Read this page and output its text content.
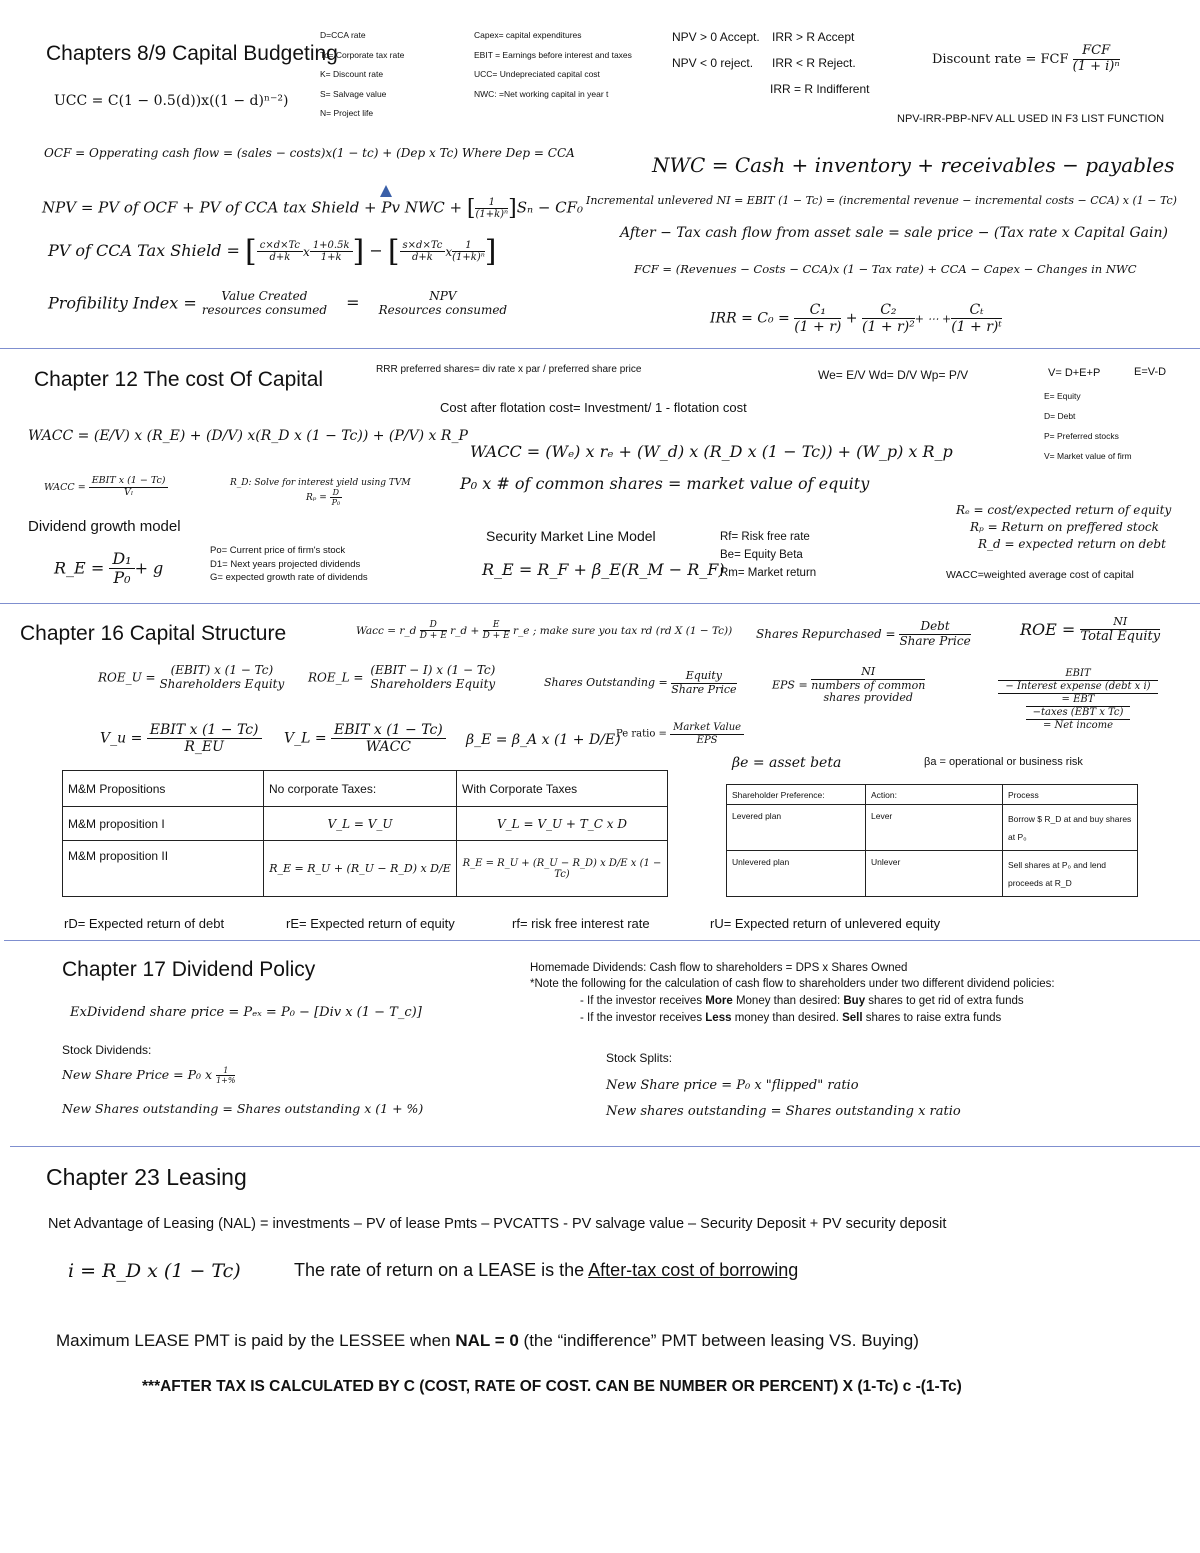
Chapters 8/9 Capital Budgeting
D=CCA rate
Tc= Corporate tax rate
K= Discount rate
S= Salvage value
N= Project life
Capex= capital expenditures
EBIT = Earnings before interest and taxes
UCC= Undepreciated capital cost
NWC: =Net working capital in year t
NPV > 0 Accept.
NPV < 0 reject.
IRR > R Accept
IRR < R Reject.
IRR = R Indifferent
Discount rate = FCF $\frac{\text{FCF}}{\text{(1 + i)ⁿ}}$
NPV-IRR-PBP-NFV ALL USED IN F3 LIST FUNCTION
UCC = C(1 − 0.5(d))x((1 − d)ⁿ⁻²)
OCF = Opperating cash flow = (sales − costs)x(1 − tc) + (Dep x Tc) Where Dep = CCA	NWC = Cash + inventory + receivables − payables
NPV = PV of OCF + PV of CCA tax Shield + Pv NWC + [ $\frac{1}{\text{(1+k)ⁿ}} ]S_n - CF_0$ Incremental unlevered NI = EBIT (1 − Tc) = (incremental revenue − incremental costs − CCA) x (1 − Tc)
After − Tax cash flow from asset sale = sale price − (Tax rate x Capital Gain)
PV of CCA Tax Shield = [ $\frac{c\times d\times Tc}{d+k}$ x $\frac{1+0.5k}{1+k}$ ] − [ $\frac{s\times d\times Tc}{d+k}$ x $\frac{1}{\text{(1+k)ⁿ}}$ ]	FCF = (Revenues − Costs − CCA)x (1 − Tax rate) + CCA − Capex − Changes in NWC
Profibility Index =	Value Created
resources consumed =	NPV
Resources consumed
IRR = $C_0 = \frac{\text{C₁}}{(1 + r)} + \frac{\text{C₂}}{\text{(1 + r)²}}$ + ⋯ + $\frac{\text{Cₜ}}{\text{(1 + r)ᵗ}}$
Chapter 12 The cost Of Capital	RRR preferred shares= div rate x par / preferred share price	We= E/V Wd= D/V Wp= P/V	V= D+E+P	E=V-D
E= Equity
D= Debt
P= Preferred stocks
V= Market value of firm
Cost after flotation cost= Investment/ 1 - flotation cost
WACC = (E/V) x (R_E) + (D/V) x(R_D x (1 − Tc)) + (P/V) x R_P
WACC = (Wₑ) x rₑ + (W_d) x (R_D x (1 − Tc)) + (W_p) x R_p
WACC = $\frac{\text{EBIT x (1 − Tc)}}{\text{Vₗ}}$	R_D: Solve for interest yield using TVM
$R_p = \frac{D}{\text{P₀}}$
P₀ x # of common shares = market value of equity
Rₑ = cost/expected return of equity
Rₚ = Return on preffered stock
R_d = expected return on debt
Dividend growth model
R_E = $\frac{\text{D₁}}{\text{P₀}} + g$
Po= Current price of firm's stock
D1= Next years projected dividends
G= expected growth rate of dividends
Security Market Line Model
R_E = R_F + β_E(R_M − R_F)
Rf= Risk free rate
Be= Equity Beta
Rm= Market return	WACC=weighted average cost of capital
Chapter 16 Capital Structure	Wacc = r_d $\frac{D}{D + E}$ r_d + $\frac{E}{D + E}$ r_e ; make sure you tax rd (rd X (1 − Tc)) Shares Repurchased = $\frac{\text{Debt}}{\text{Share Price}}$	ROE = $\frac{NI}{\text{Total Equity}}$
ROE_U =
(EBIT) x (1 − Tc)
Shareholders Equity ROE_L =
(EBIT − I) x (1 − Tc)
Shareholders Equity	Shares Outstanding = $\frac{\text{Equity}}{\text{Share Price}}$	EPS =
NI
numbers of common
shares provided
EBIT
− Interest expense (debt x i)
= EBT
−taxes (EBT x Tc)
= Net income
V_u = $\frac{\text{EBIT x (1 − Tc)}}{R\_EU}$ V_L = $\frac{\text{EBIT x (1 − Tc)}}{\text{WACC}}$ β_E = β_A x (1 + D/E)
Pe ratio = $\frac{\text{Market Value}}{\text{EPS}}$
βe = asset beta	βa = operational or business risk
M&M Propositions	No corporate Taxes:	With Corporate Taxes
M&M proposition I	V_L = V_U	V_L = V_U + T_C x D
M&M proposition II	R_E = R_U + (R_U − R_D) x D/E	R_E = R_U + (R_U − R_D) x D/E x (1 − Tc)
Shareholder Preference:	Action:	Process
Levered plan	Lever	Borrow $ R_D at and buy shares at P₀
Unlevered plan	Unlever	Sell shares at P₀ and lend proceeds at R_D
rD= Expected return of debt	rE= Expected return of equity	rf= risk free interest rate	rU= Expected return of unlevered equity
Chapter 17 Dividend Policy
ExDividend share price = Pₑₓ = P₀ − [Div x (1 − T_c)]
Homemade Dividends: Cash flow to shareholders = DPS x Shares Owned
*Note the following for the calculation of cash flow to shareholders under two different dividend policies:
- If the investor receives More Money than desired: Buy shares to get rid of extra funds
- If the investor receives Less money than desired. Sell shares to raise extra funds
Stock Dividends:
New Share Price = P₀ x $\frac{1}{1+\%}$
New Shares outstanding = Shares outstanding x (1 + %)
Stock Splits:
New Share price = P₀ x "flipped" ratio
New shares outstanding = Shares outstanding x ratio
Chapter 23 Leasing
Net Advantage of Leasing (NAL) = investments – PV of lease Pmts – PVCATTS - PV salvage value – Security Deposit + PV security deposit
i = R_D x (1 − Tc)	The rate of return on a LEASE is the After-tax cost of borrowing
Maximum LEASE PMT is paid by the LESSEE when NAL = 0 (the “indifference” PMT between leasing VS. Buying)
***AFTER TAX IS CALCULATED BY C (COST, RATE OF COST. CAN BE NUMBER OR PERCENT) X (1-Tc) c -(1-Tc)
